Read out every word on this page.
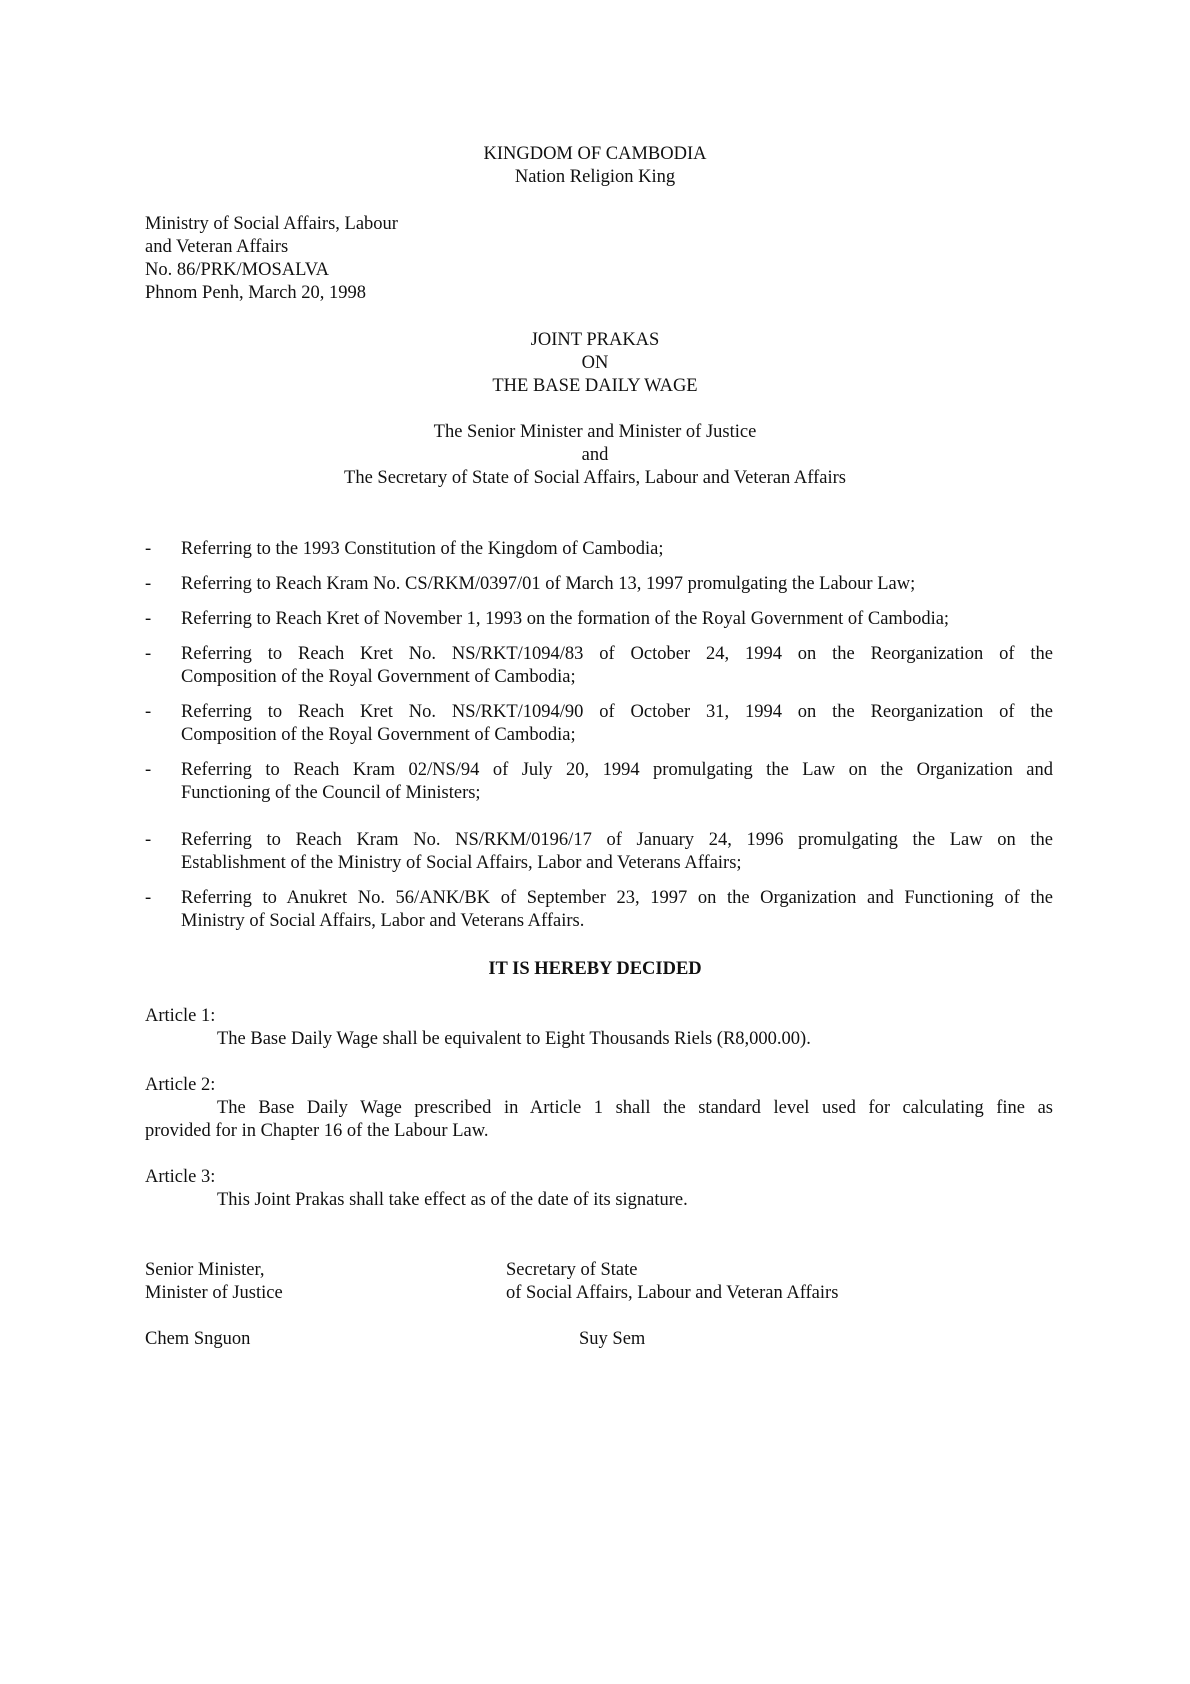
KINGDOM OF CAMBODIA
Nation Religion King
Ministry of Social Affairs, Labour
and Veteran Affairs
No. 86/PRK/MOSALVA
Phnom Penh, March 20, 1998
JOINT PRAKAS
ON
THE BASE DAILY WAGE
The Senior Minister and Minister of Justice
and
The Secretary of State of Social Affairs, Labour and Veteran Affairs
- Referring to the 1993 Constitution of the Kingdom of Cambodia;
- Referring to Reach Kram No. CS/RKM/0397/01 of March 13, 1997 promulgating the Labour Law;
- Referring to Reach Kret of November 1, 1993 on the formation of the Royal Government of Cambodia;
- Referring to Reach Kret No. NS/RKT/1094/83 of October 24, 1994 on the Reorganization of the
Composition of the Royal Government of Cambodia;
- Referring to Reach Kret No. NS/RKT/1094/90 of October 31, 1994 on the Reorganization of the
Composition of the Royal Government of Cambodia;
- Referring to Reach Kram 02/NS/94 of July 20, 1994 promulgating the Law on the Organization and
Functioning of the Council of Ministers;
- Referring to Reach Kram No. NS/RKM/0196/17 of January 24, 1996 promulgating the Law on the
Establishment of the Ministry of Social Affairs, Labor and Veterans Affairs;
- Referring to Anukret No. 56/ANK/BK of September 23, 1997 on the Organization and Functioning of the
Ministry of Social Affairs, Labor and Veterans Affairs.
IT IS HEREBY DECIDED
Article 1:
The Base Daily Wage shall be equivalent to Eight Thousands Riels (R8,000.00).
Article 2:
The Base Daily Wage prescribed in Article 1 shall the standard level used for calculating fine as
provided for in Chapter 16 of the Labour Law.
Article 3:
This Joint Prakas shall take effect as of the date of its signature.
Senior Minister,
Minister of Justice
Secretary of State
of Social Affairs, Labour and Veteran Affairs
Chem Snguon	Suy Sem
